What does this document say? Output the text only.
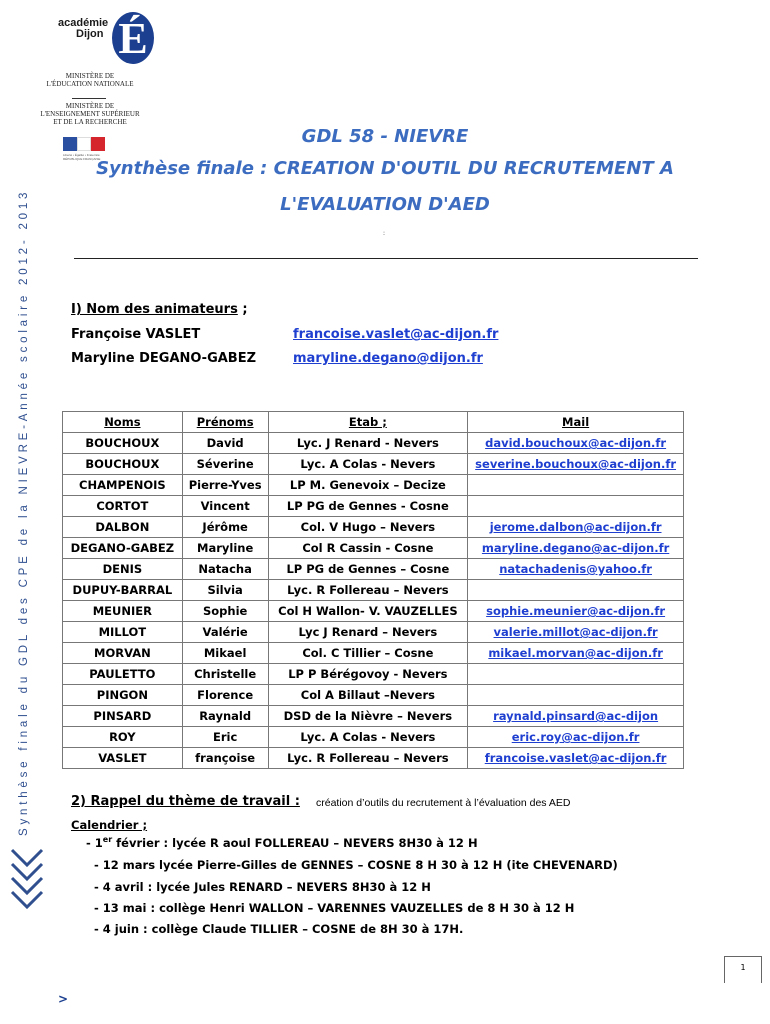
académie
Dijon É
MINISTÈRE DE
L'ÉDUCATION NATIONALE
MINISTÈRE DE
L'ENSEIGNEMENT SUPÉRIEUR
ET DE LA RECHERCHE
Liberté • Égalité • Fraternité RÉPUBLIQUE FRANÇAISE
Synthèse finale du GDL des CPE de la NIEVRE-Année scolaire 2012- 2013
GDL 58 - NIEVRE
Synthèse finale : CREATION D'OUTIL DU RECRUTEMENT A
L'EVALUATION D'AED
:
I) Nom des animateurs ;
Françoise VASLET	francoise.vaslet@ac-dijon.fr
Maryline DEGANO-GABEZ	maryline.degano@dijon.fr
Noms	Prénoms	Etab ;	Mail
BOUCHOUX	David	Lyc. J Renard - Nevers	david.bouchoux@ac-dijon.fr
BOUCHOUX	Séverine	Lyc. A Colas - Nevers	severine.bouchoux@ac-dijon.fr
CHAMPENOIS	Pierre-Yves	LP M. Genevoix – Decize	
CORTOT	Vincent	LP PG de Gennes - Cosne	
DALBON	Jérôme	Col. V Hugo – Nevers	jerome.dalbon@ac-dijon.fr
DEGANO-GABEZ	Maryline	Col R Cassin - Cosne	maryline.degano@ac-dijon.fr
DENIS	Natacha	LP PG de Gennes – Cosne	natachadenis@yahoo.fr
DUPUY-BARRAL	Silvia	Lyc. R Follereau – Nevers	
MEUNIER	Sophie	Col H Wallon- V. VAUZELLES	sophie.meunier@ac-dijon.fr
MILLOT	Valérie	Lyc J Renard – Nevers	valerie.millot@ac-dijon.fr
MORVAN	Mikael	Col. C Tillier – Cosne	mikael.morvan@ac-dijon.fr
PAULETTO	Christelle	LP P Bérégovoy - Nevers	
PINGON	Florence	Col A Billaut –Nevers	
PINSARD	Raynald	DSD de la Nièvre – Nevers	raynald.pinsard@ac-dijon
ROY	Eric	Lyc. A Colas - Nevers	eric.roy@ac-dijon.fr
VASLET	françoise	Lyc. R Follereau – Nevers	francoise.vaslet@ac-dijon.fr
2) Rappel du thème de travail : création d’outils du recrutement à l’évaluation des AED
Calendrier ;
- 1er février : lycée R aoul FOLLEREAU – NEVERS 8H30 à 12 H
- 12 mars lycée Pierre-Gilles de GENNES – COSNE 8 H 30 à 12 H (ite CHEVENARD)
- 4 avril : lycée Jules RENARD – NEVERS 8H30 à 12 H
- 13 mai : collège Henri WALLON – VARENNES VAUZELLES de 8 H 30 à 12 H
- 4 juin : collège Claude TILLIER – COSNE de 8H 30 à 17H.
1
>
